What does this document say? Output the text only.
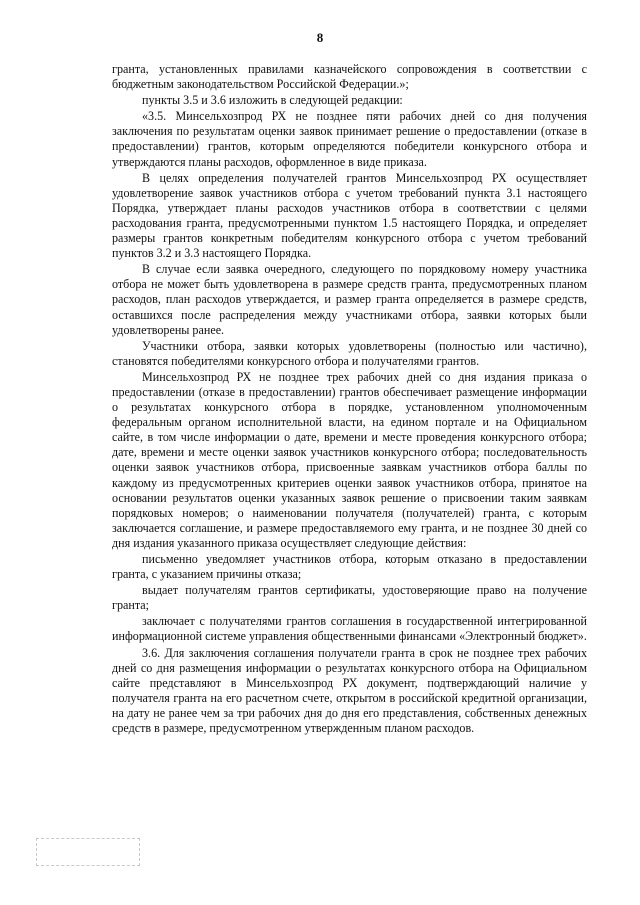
8

гранта, установленных правилами казначейского сопровождения в соответствии с бюджетным законодательством Российской Федерации.»;

пункты 3.5 и 3.6 изложить в следующей редакции:

«3.5. Минсельхозпрод РХ не позднее пяти рабочих дней со дня получения заключения по результатам оценки заявок принимает решение о предоставлении (отказе в предоставлении) грантов, которым определяются победители конкурсного отбора и утверждаются планы расходов, оформленное в виде приказа.

В целях определения получателей грантов Минсельхозпрод РХ осуществляет удовлетворение заявок участников отбора с учетом требований пункта 3.1 настоящего Порядка, утверждает планы расходов участников отбора в соответствии с целями расходования гранта, предусмотренными пунктом 1.5 настоящего Порядка, и определяет размеры грантов конкретным победителям конкурсного отбора с учетом требований пунктов 3.2 и 3.3 настоящего Порядка.

В случае если заявка очередного, следующего по порядковому номеру участника отбора не может быть удовлетворена в размере средств гранта, предусмотренных планом расходов, план расходов утверждается, и размер гранта определяется в размере средств, оставшихся после распределения между участниками отбора, заявки которых были удовлетворены ранее.

Участники отбора, заявки которых удовлетворены (полностью или частично), становятся победителями конкурсного отбора и получателями грантов.

Минсельхозпрод РХ не позднее трех рабочих дней со дня издания приказа о предоставлении (отказе в предоставлении) грантов обеспечивает размещение информации о результатах конкурсного отбора в порядке, установленном уполномоченным федеральным органом исполнительной власти, на едином портале и на Официальном сайте, в том числе информации о дате, времени и месте проведения конкурсного отбора; дате, времени и месте оценки заявок участников конкурсного отбора; последовательность оценки заявок участников отбора, присвоенные заявкам участников отбора баллы по каждому из предусмотренных критериев оценки заявок участников отбора, принятое на основании результатов оценки указанных заявок решение о присвоении таким заявкам порядковых номеров; о наименовании получателя (получателей) гранта, с которым заключается соглашение, и размере предоставляемого ему гранта, и не позднее 30 дней со дня издания указанного приказа осуществляет следующие действия:

письменно уведомляет участников отбора, которым отказано в предоставлении гранта, с указанием причины отказа;

выдает получателям грантов сертификаты, удостоверяющие право на получение гранта;

заключает с получателями грантов соглашения в государственной интегрированной информационной системе управления общественными финансами «Электронный бюджет».

3.6. Для заключения соглашения получатели гранта в срок не позднее трех рабочих дней со дня размещения информации о результатах конкурсного отбора на Официальном сайте представляют в Минсельхозпрод РХ документ, подтверждающий наличие у получателя гранта на его расчетном счете, открытом в российской кредитной организации, на дату не ранее чем за три рабочих дня до дня его представления, собственных денежных средств в размере, предусмотренном утвержденным планом расходов.
